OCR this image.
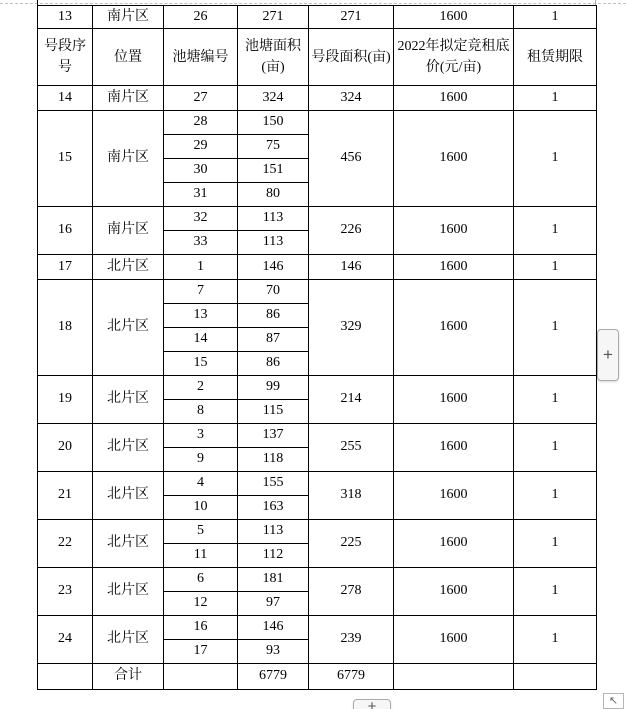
13	南片区	26	271	271	1600	1
号段序号	位置	池塘编号	池塘面积(亩)	号段面积(亩)	2022年拟定竞租底价(元/亩)	租赁期限
14	南片区	27	324	324	1600	1
15	南片区	28	150	456	1600	1
		29	75			
		30	151			
		31	80			
16	南片区	32	113	226	1600	1
		33	113			
17	北片区	1	146	146	1600	1
18	北片区	7	70	329	1600	1
		13	86			
		14	87			
		15	86			
19	北片区	2	99	214	1600	1
		8	115			
20	北片区	3	137	255	1600	1
		9	118			
21	北片区	4	155	318	1600	1
		10	163			
22	北片区	5	113	225	1600	1
		11	112			
23	北片区	6	181	278	1600	1
		12	97			
24	北片区	16	146	239	1600	1
		17	93			
	合计		6779	6779		
+
+	↖
